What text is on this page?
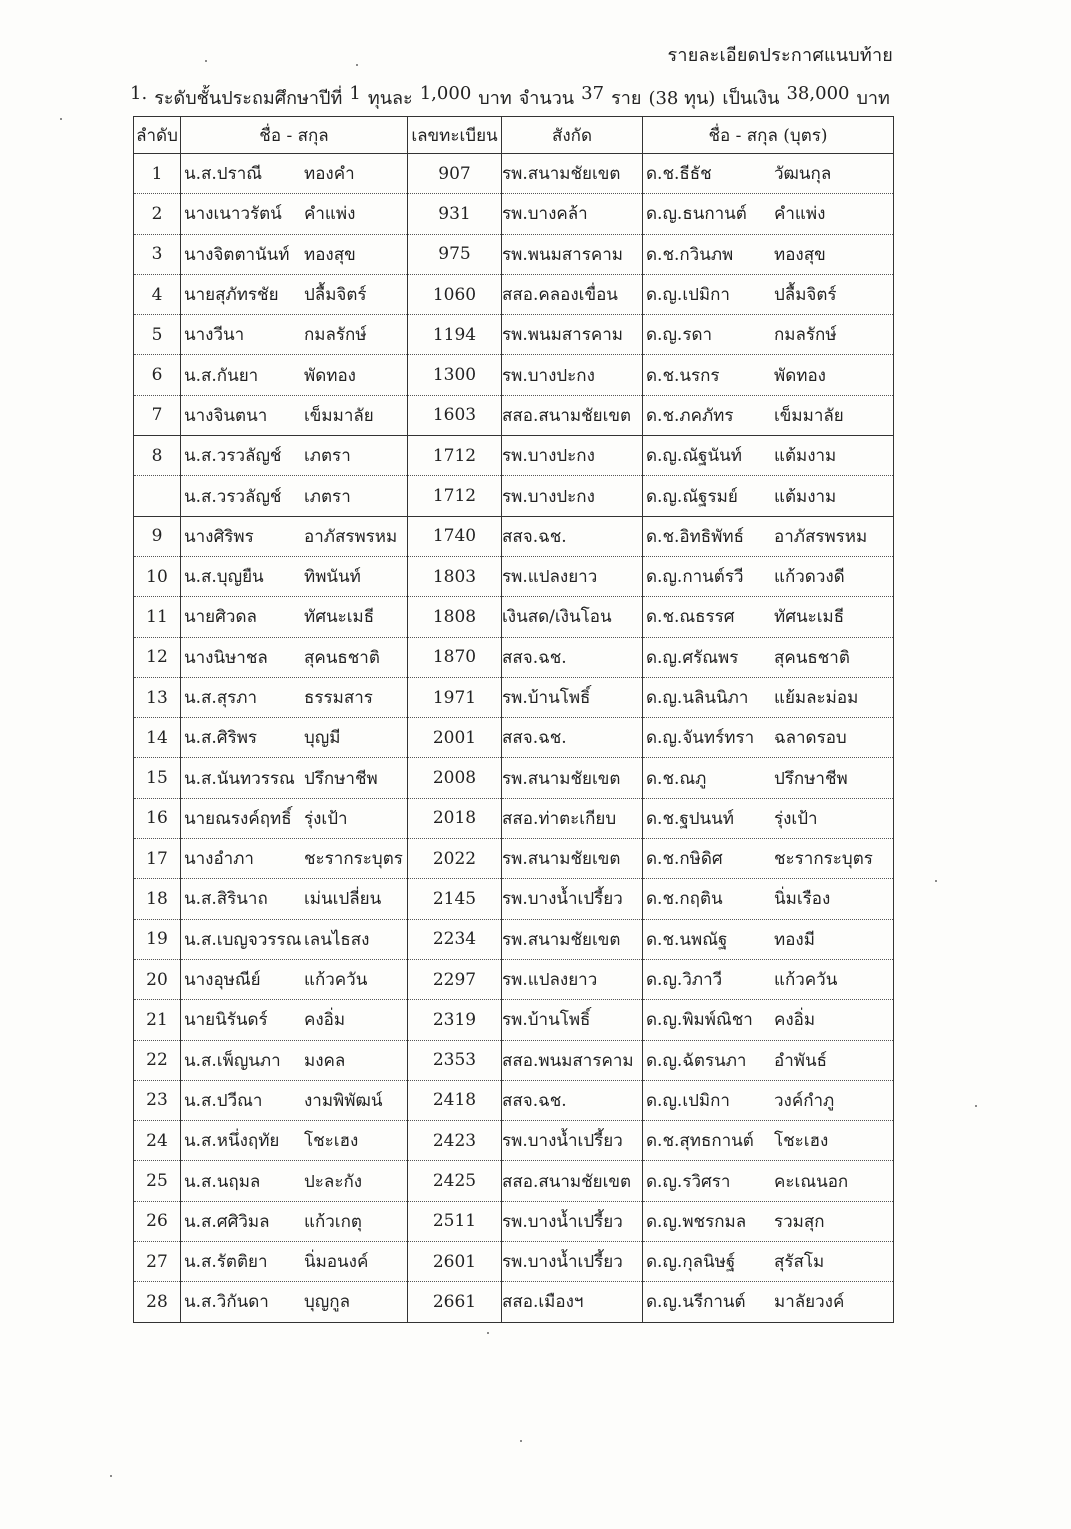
รายละเอียดประกาศแนบท้าย
1. ระดับชั้นประถมศึกษาปีที่ 1 ทุนละ 1,000 บาท จำนวน 37 ราย (38 ทุน) เป็นเงิน 38,000 บาท
ลำดับ	ชื่อ - สกุล	เลขทะเบียน	สังกัด	ชื่อ - สกุล (บุตร)
1	น.ส.ปราณี ทองคำ	907	รพ.สนามชัยเขต	ด.ช.ธีธัช วัฒนกุล

2	นางเนาวรัตน์ คำแพ่ง	931	รพ.บางคล้า	ด.ญ.ธนกานต์ คำแพ่ง

3	นางจิตตานันท์ ทองสุข	975	รพ.พนมสารคาม	ด.ช.กวินภพ ทองสุข

4	นายสุภัทรชัย ปลื้มจิตร์	1060	สสอ.คลองเขื่อน	ด.ญ.เปมิกา ปลื้มจิตร์

5	นางวีนา กมลรักษ์	1194	รพ.พนมสารคาม	ด.ญ.รดา กมลรักษ์

6	น.ส.กันยา พัดทอง	1300	รพ.บางปะกง	ด.ช.นรกร พัดทอง

7	นางจินตนา เข็มมาลัย	1603	สสอ.สนามชัยเขต	ด.ช.ภคภัทร เข็มมาลัย

8	น.ส.วรวลัญช์ เภตรา	1712	รพ.บางปะกง	ด.ญ.ณัฐนันท์ แต้มงาม

	น.ส.วรวลัญช์ เภตรา	1712	รพ.บางปะกง	ด.ญ.ณัฐรมย์ แต้มงาม

9	นางศิริพร อาภัสรพรหม	1740	สสจ.ฉช.	ด.ช.อิทธิพัทธ์ อาภัสรพรหม

10	น.ส.บุญยืน ทิพนันท์	1803	รพ.แปลงยาว	ด.ญ.กานต์รวี แก้วดวงดี

11	นายศิวดล ทัศนะเมธี	1808	เงินสด/เงินโอน	ด.ช.ณธรรศ ทัศนะเมธี

12	นางนิษาชล สุคนธชาติ	1870	สสจ.ฉช.	ด.ญ.ศรัณพร สุคนธชาติ

13	น.ส.สุรภา ธรรมสาร	1971	รพ.บ้านโพธิ์	ด.ญ.นลินนิภา แย้มละม่อม

14	น.ส.ศิริพร บุญมี	2001	สสจ.ฉช.	ด.ญ.จันทร์ทรา ฉลาดรอบ

15	น.ส.นันทวรรณ ปรึกษาชีพ	2008	รพ.สนามชัยเขต	ด.ช.ณภู ปรึกษาชีพ

16	นายณรงค์ฤทธิ์ รุ่งเป้า	2018	สสอ.ท่าตะเกียบ	ด.ช.ฐปนนท์ รุ่งเป้า

17	นางอำภา ชะรากระบุตร	2022	รพ.สนามชัยเขต	ด.ช.กษิดิศ ชะรากระบุตร

18	น.ส.สิรินาถ เม่นเปลี่ยน	2145	รพ.บางน้ำเปรี้ยว	ด.ช.กฤติน นิ่มเรือง

19	น.ส.เบญจวรรณ เลนไธสง	2234	รพ.สนามชัยเขต	ด.ช.นพณัฐ ทองมี

20	นางอุษณีย์ แก้วควัน	2297	รพ.แปลงยาว	ด.ญ.วิภาวี แก้วควัน

21	นายนิรันดร์ คงอิ่ม	2319	รพ.บ้านโพธิ์	ด.ญ.พิมพ์ณิชา คงอิ่ม

22	น.ส.เพ็ญนภา มงคล	2353	สสอ.พนมสารคาม	ด.ญ.ฉัตรนภา อำพันธ์

23	น.ส.ปวีณา งามพิพัฒน์	2418	สสจ.ฉช.	ด.ญ.เปมิกา วงค์กำภู

24	น.ส.หนึ่งฤทัย โชะเฮง	2423	รพ.บางน้ำเปรี้ยว	ด.ช.สุทธกานต์ โชะเฮง

25	น.ส.นฤมล ปะละกัง	2425	สสอ.สนามชัยเขต	ด.ญ.รวิศรา คะเณนอก

26	น.ส.ศศิวิมล แก้วเกตุ	2511	รพ.บางน้ำเปรี้ยว	ด.ญ.พชรกมล รวมสุก

27	น.ส.รัตติยา นิ่มอนงค์	2601	รพ.บางน้ำเปรี้ยว	ด.ญ.กุลนิษฐ์ สุรัสโม

28	น.ส.วิกันดา บุญกูล	2661	สสอ.เมืองฯ	ด.ญ.นรีกานต์ มาลัยวงค์
